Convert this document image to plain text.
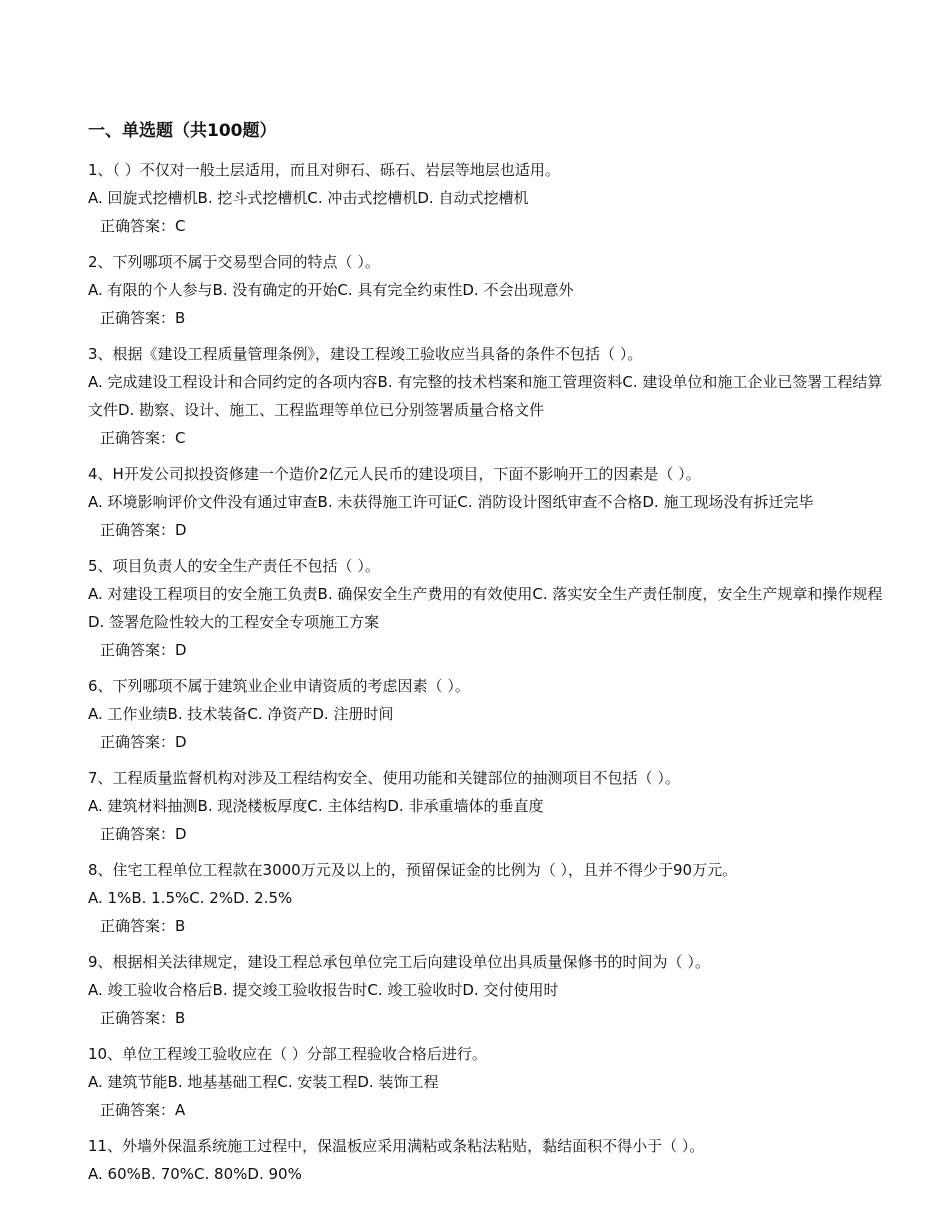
一、单选题（共100题）

1、（ ）不仅对一般土层适用，而且对卵石、砾石、岩层等地层也适用。

A. 回旋式挖槽机B. 挖斗式挖槽机C. 冲击式挖槽机D. 自动式挖槽机

正确答案：C

2、下列哪项不属于交易型合同的特点（ ）。

A. 有限的个人参与B. 没有确定的开始C. 具有完全约束性D. 不会出现意外

正确答案：B

3、根据《建设工程质量管理条例》，建设工程竣工验收应当具备的条件不包括（ ）。

A. 完成建设工程设计和合同约定的各项内容B. 有完整的技术档案和施工管理资料C. 建设单位和施工企业已签署工程结算文件D. 勘察、设计、施工、工程监理等单位已分别签署质量合格文件

正确答案：C

4、H开发公司拟投资修建一个造价2亿元人民币的建设项目，下面不影响开工的因素是（ ）。

A. 环境影响评价文件没有通过审查B. 未获得施工许可证C. 消防设计图纸审查不合格D. 施工现场没有拆迁完毕

正确答案：D

5、项目负责人的安全生产责任不包括（ ）。

A. 对建设工程项目的安全施工负责B. 确保安全生产费用的有效使用C. 落实安全生产责任制度，安全生产规章和操作规程D. 签署危险性较大的工程安全专项施工方案

正确答案：D

6、下列哪项不属于建筑业企业申请资质的考虑因素（ ）。

A. 工作业绩B. 技术装备C. 净资产D. 注册时间

正确答案：D

7、工程质量监督机构对涉及工程结构安全、使用功能和关键部位的抽测项目不包括（ ）。

A. 建筑材料抽测B. 现浇楼板厚度C. 主体结构D. 非承重墙体的垂直度

正确答案：D

8、住宅工程单位工程款在3000万元及以上的，预留保证金的比例为（ ），且并不得少于90万元。

A. 1%B. 1.5%C. 2%D. 2.5%

正确答案：B

9、根据相关法律规定，建设工程总承包单位完工后向建设单位出具质量保修书的时间为（ ）。

A. 竣工验收合格后B. 提交竣工验收报告时C. 竣工验收时D. 交付使用时

正确答案：B

10、单位工程竣工验收应在（ ）分部工程验收合格后进行。

A. 建筑节能B. 地基基础工程C. 安装工程D. 装饰工程

正确答案：A

11、外墙外保温系统施工过程中，保温板应采用满粘或条粘法粘贴，黏结面积不得小于（ ）。

A. 60%B. 70%C. 80%D. 90%
